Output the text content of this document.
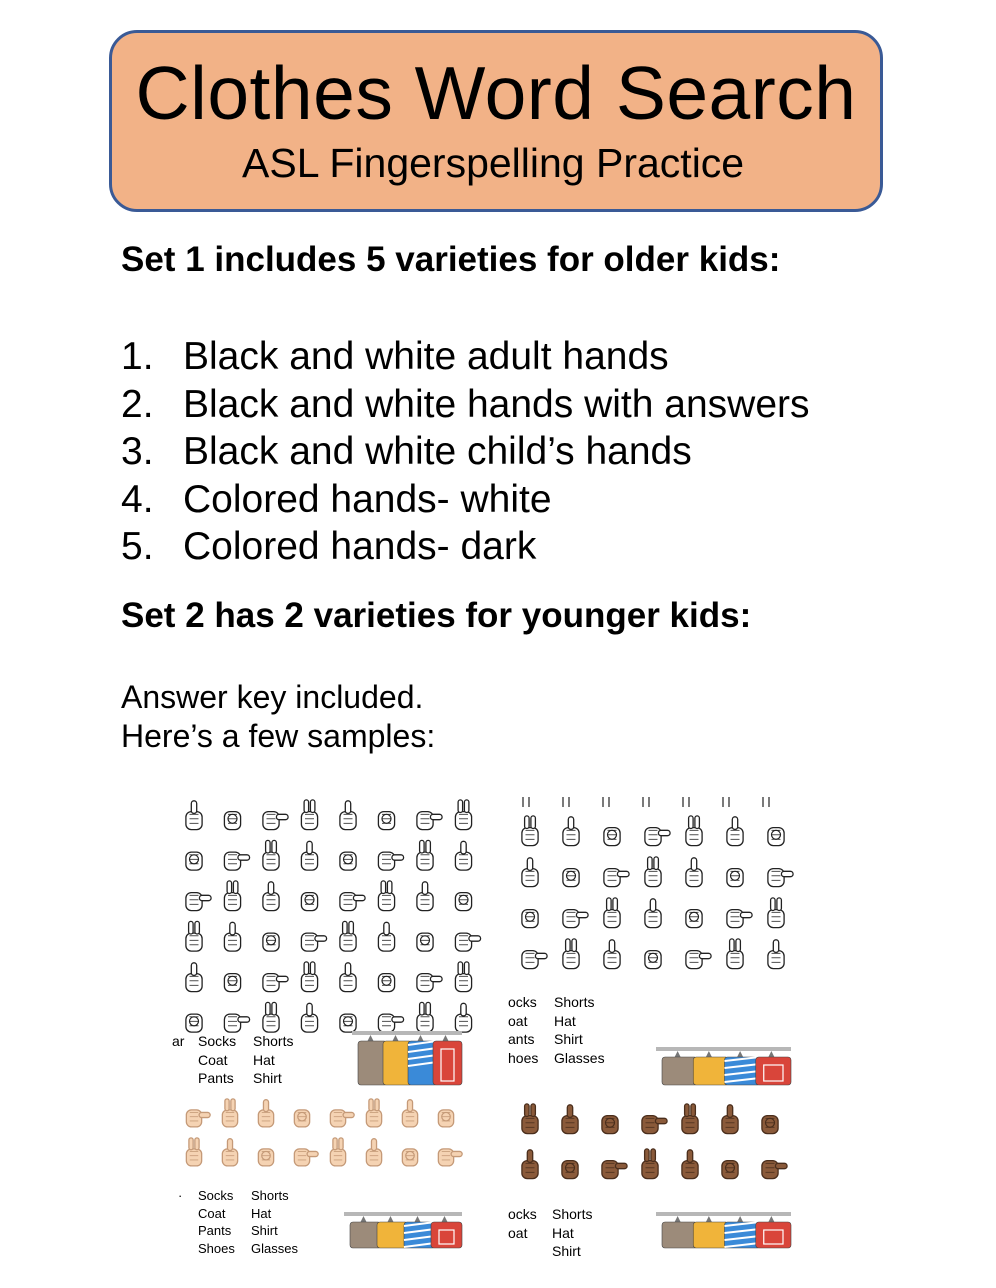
Clothes Word Search
ASL Fingerspelling Practice
Set 1 includes 5 varieties for older kids:
1. Black and white adult hands
2. Black and white hands with answers
3. Black and white child’s hands
4. Colored hands- white
5. Colored hands- dark
Set 2 has 2 varieties for younger kids:
Answer key included.
Here’s a few samples:
ar Socks
Coat
Pants
Shorts
Hat
Shirt
ocks
oat
ants
hoes
Shorts
Hat
Shirt
Glasses
· Socks
Coat
Pants
Shoes
Shorts
Hat
Shirt
Glasses
ocks
oat
Shorts
Hat
Shirt
